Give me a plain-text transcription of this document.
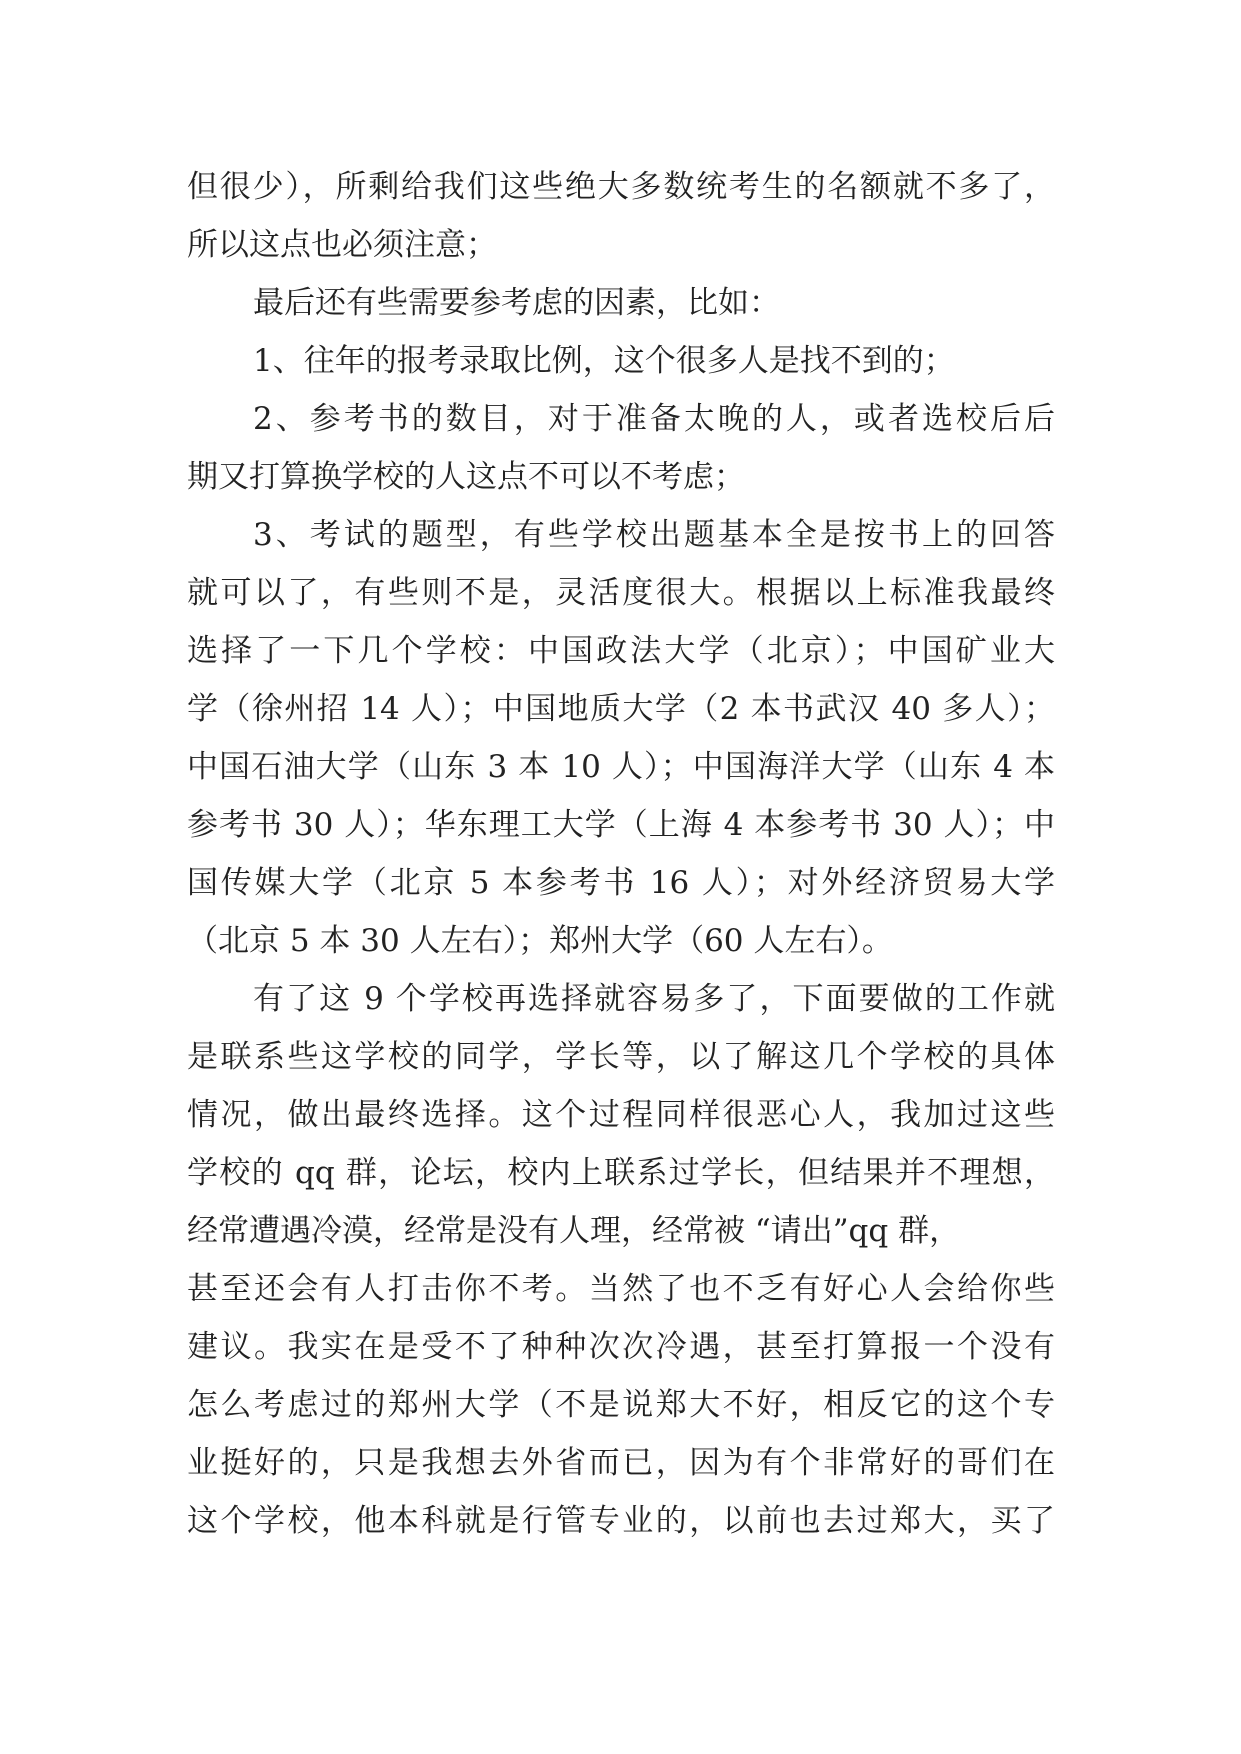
但很少），所剩给我们这些绝大多数统考生的名额就不多了，
所以这点也必须注意；
最后还有些需要参考虑的因素，比如：
1、往年的报考录取比例，这个很多人是找不到的；
2、参考书的数目，对于准备太晚的人，或者选校后后
期又打算换学校的人这点不可以不考虑；
3、考试的题型，有些学校出题基本全是按书上的回答
就可以了，有些则不是，灵活度很大。根据以上标准我最终
选择了一下几个学校：中国政法大学（北京）；中国矿业大
学（徐州招 14 人）；中国地质大学（2 本书武汉 40 多人）；
中国石油大学（山东 3 本 10 人）；中国海洋大学（山东 4 本
参考书 30 人）；华东理工大学（上海 4 本参考书 30 人）；中
国传媒大学（北京 5 本参考书 16 人）；对外经济贸易大学
（北京 5 本 30 人左右）；郑州大学（60 人左右）。
有了这 9 个学校再选择就容易多了，下面要做的工作就
是联系些这学校的同学，学长等，以了解这几个学校的具体
情况，做出最终选择。这个过程同样很恶心人，我加过这些
学校的 qq 群，论坛，校内上联系过学长，但结果并不理想，
经常遭遇冷漠，经常是没有人理，经常被 “请出”qq 群，
甚至还会有人打击你不考。当然了也不乏有好心人会给你些
建议。我实在是受不了种种次次冷遇，甚至打算报一个没有
怎么考虑过的郑州大学（不是说郑大不好，相反它的这个专
业挺好的，只是我想去外省而已，因为有个非常好的哥们在
这个学校，他本科就是行管专业的，以前也去过郑大，买了
